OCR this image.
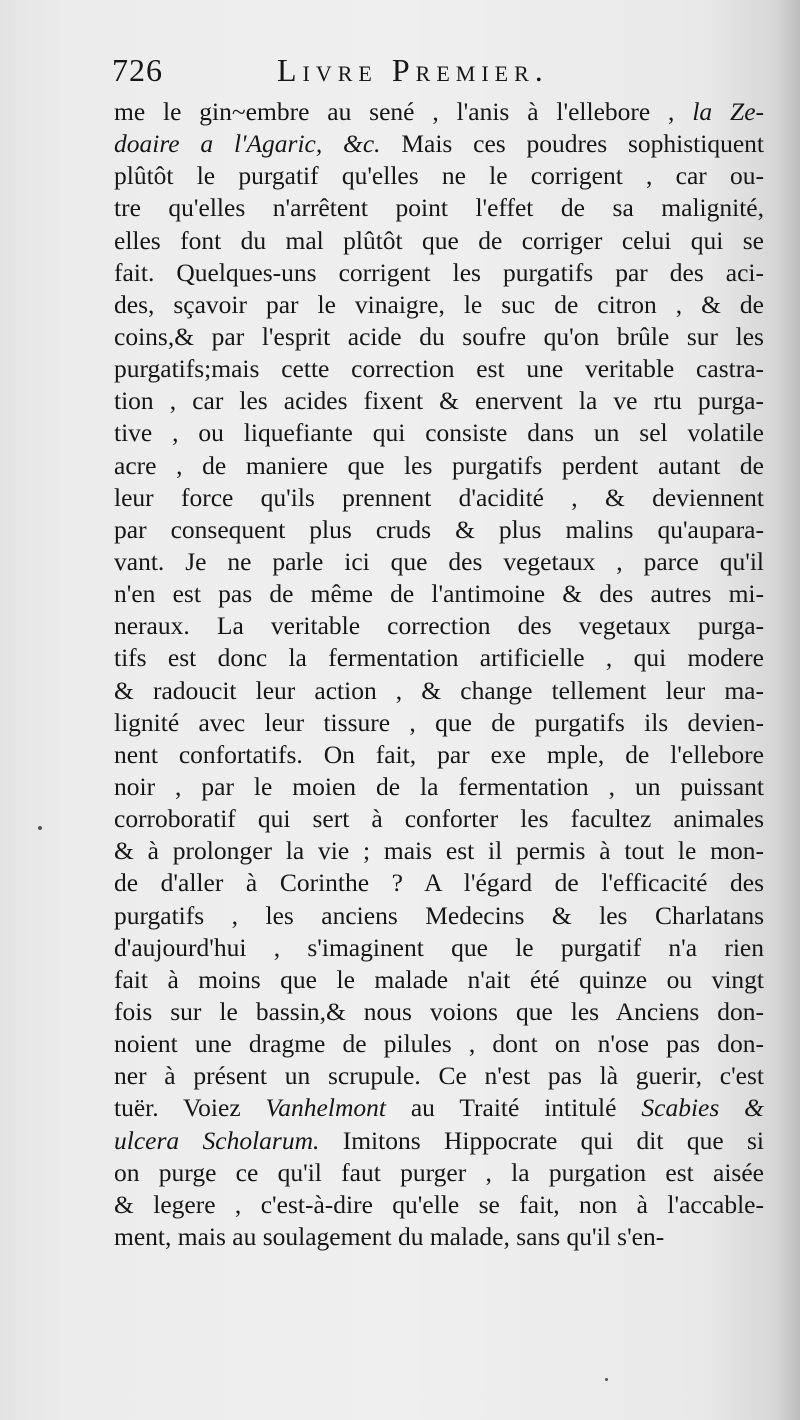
726	Livre Premier.
me le gin~embre au sené , l'anis à l'ellebore , la Ze-
doaire a l'Agaric, &c. Mais ces poudres sophistiquent
plûtôt le purgatif qu'elles ne le corrigent , car ou-
tre qu'elles n'arrêtent point l'effet de sa malignité,
elles font du mal plûtôt que de corriger celui qui se
fait. Quelques-uns corrigent les purgatifs par des aci-
des, sçavoir par le vinaigre, le suc de citron , & de
coins,& par l'esprit acide du soufre qu'on brûle sur les
purgatifs;mais cette correction est une veritable castra-
tion , car les acides fixent & enervent la ve rtu purga-
tive , ou liquefiante qui consiste dans un sel volatile
acre , de maniere que les purgatifs perdent autant de
leur force qu'ils prennent d'acidité , & deviennent
par consequent plus cruds & plus malins qu'aupara-
vant. Je ne parle ici que des vegetaux , parce qu'il
n'en est pas de même de l'antimoine & des autres mi-
neraux. La veritable correction des vegetaux purga-
tifs est donc la fermentation artificielle , qui modere
& radoucit leur action , & change tellement leur ma-
lignité avec leur tissure , que de purgatifs ils devien-
nent confortatifs. On fait, par exe mple, de l'ellebore
noir , par le moien de la fermentation , un puissant
corroboratif qui sert à conforter les facultez animales
& à prolonger la vie ; mais est il permis à tout le mon-
de d'aller à Corinthe ? A l'égard de l'efficacité des
purgatifs , les anciens Medecins & les Charlatans
d'aujourd'hui , s'imaginent que le purgatif n'a rien
fait à moins que le malade n'ait été quinze ou vingt
fois sur le bassin,& nous voions que les Anciens don-
noient une dragme de pilules , dont on n'ose pas don-
ner à présent un scrupule. Ce n'est pas là guerir, c'est
tuër. Voiez Vanhelmont au Traité intitulé Scabies &
ulcera Scholarum. Imitons Hippocrate qui dit que si
on purge ce qu'il faut purger , la purgation est aisée
& legere , c'est-à-dire qu'elle se fait, non à l'accable-
ment, mais au soulagement du malade, sans qu'il s'en-
